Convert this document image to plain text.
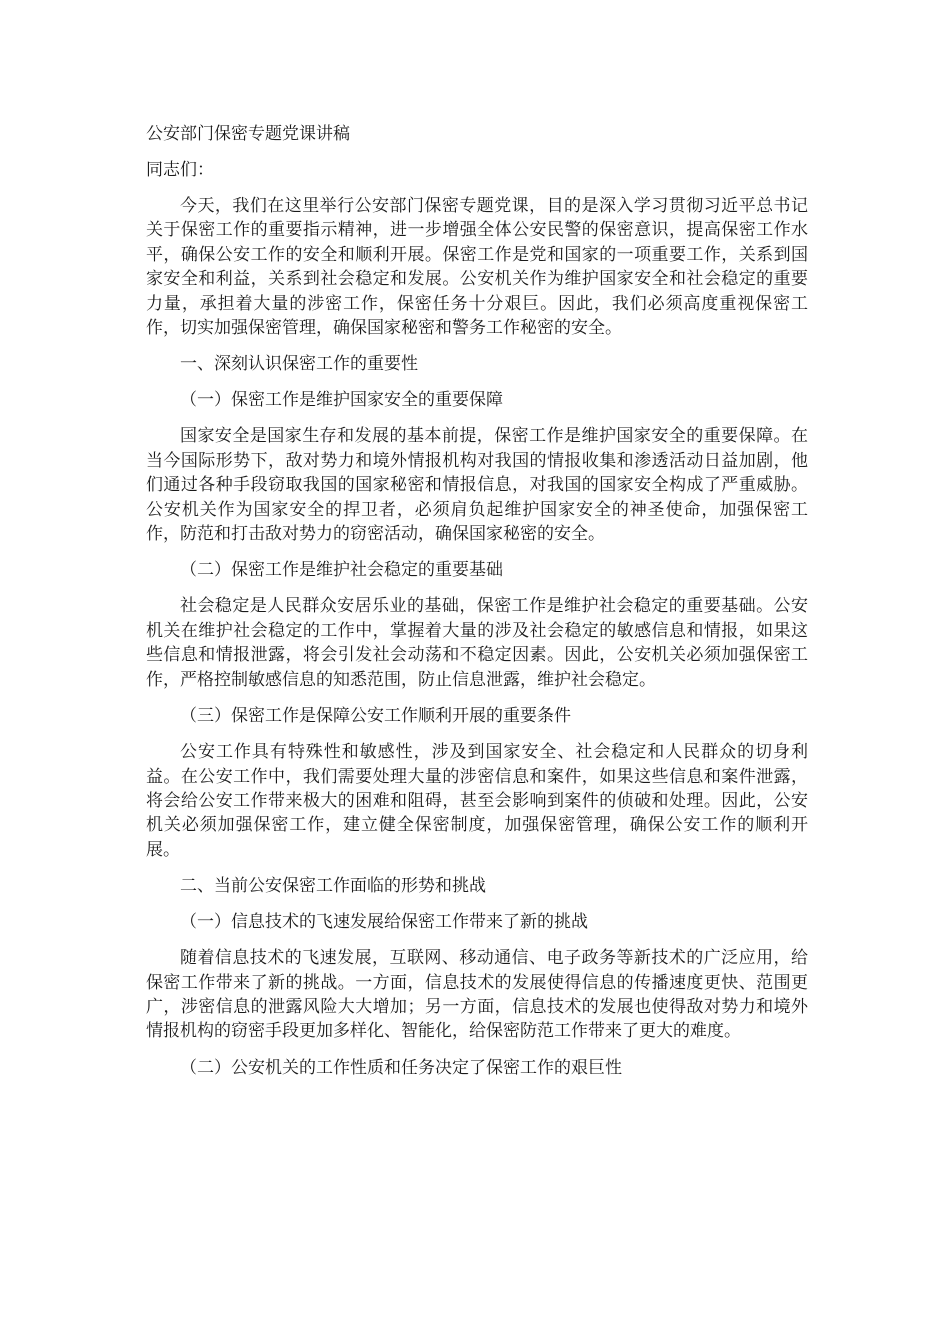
公安部门保密专题党课讲稿
同志们：

今天，我们在这里举行公安部门保密专题党课，目的是深入学习贯彻习近平总书记关于保密工作的重要指示精神，进一步增强全体公安民警的保密意识，提高保密工作水平，确保公安工作的安全和顺利开展。保密工作是党和国家的一项重要工作，关系到国家安全和利益，关系到社会稳定和发展。公安机关作为维护国家安全和社会稳定的重要力量，承担着大量的涉密工作，保密任务十分艰巨。因此，我们必须高度重视保密工作，切实加强保密管理，确保国家秘密和警务工作秘密的安全。

一、深刻认识保密工作的重要性

（一）保密工作是维护国家安全的重要保障

国家安全是国家生存和发展的基本前提，保密工作是维护国家安全的重要保障。在当今国际形势下，敌对势力和境外情报机构对我国的情报收集和渗透活动日益加剧，他们通过各种手段窃取我国的国家秘密和情报信息，对我国的国家安全构成了严重威胁。公安机关作为国家安全的捍卫者，必须肩负起维护国家安全的神圣使命，加强保密工作，防范和打击敌对势力的窃密活动，确保国家秘密的安全。

（二）保密工作是维护社会稳定的重要基础

社会稳定是人民群众安居乐业的基础，保密工作是维护社会稳定的重要基础。公安机关在维护社会稳定的工作中，掌握着大量的涉及社会稳定的敏感信息和情报，如果这些信息和情报泄露，将会引发社会动荡和不稳定因素。因此，公安机关必须加强保密工作，严格控制敏感信息的知悉范围，防止信息泄露，维护社会稳定。

（三）保密工作是保障公安工作顺利开展的重要条件

公安工作具有特殊性和敏感性，涉及到国家安全、社会稳定和人民群众的切身利益。在公安工作中，我们需要处理大量的涉密信息和案件，如果这些信息和案件泄露，将会给公安工作带来极大的困难和阻碍，甚至会影响到案件的侦破和处理。因此，公安机关必须加强保密工作，建立健全保密制度，加强保密管理，确保公安工作的顺利开展。

二、当前公安保密工作面临的形势和挑战

（一）信息技术的飞速发展给保密工作带来了新的挑战

随着信息技术的飞速发展，互联网、移动通信、电子政务等新技术的广泛应用，给保密工作带来了新的挑战。一方面，信息技术的发展使得信息的传播速度更快、范围更广，涉密信息的泄露风险大大增加；另一方面，信息技术的发展也使得敌对势力和境外情报机构的窃密手段更加多样化、智能化，给保密防范工作带来了更大的难度。

（二）公安机关的工作性质和任务决定了保密工作的艰巨性
